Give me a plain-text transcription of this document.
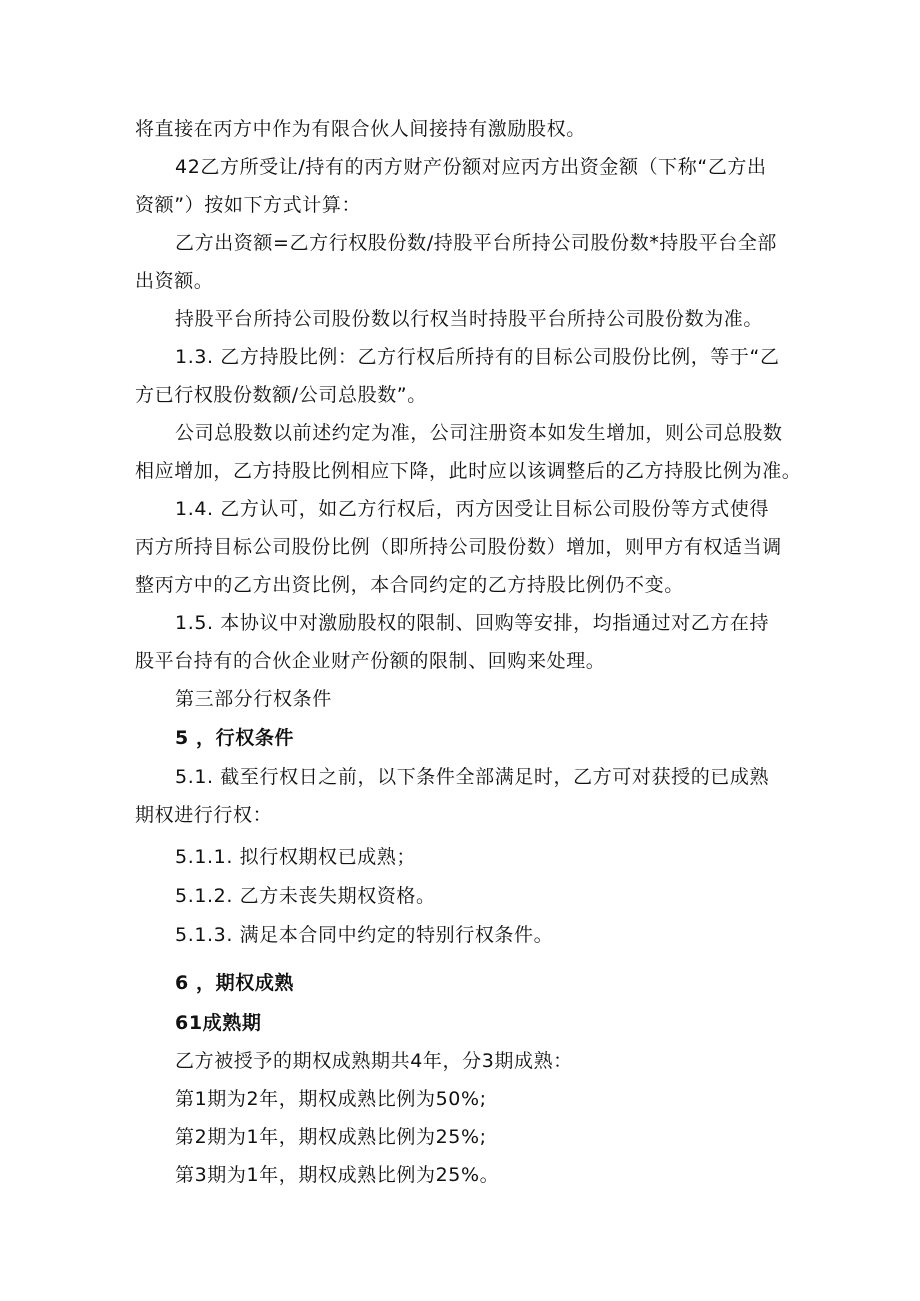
将直接在丙方中作为有限合伙人间接持有激励股权。
42乙方所受让/持有的丙方财产份额对应丙方出资金额（下称“乙方出
资额”）按如下方式计算：
乙方出资额=乙方行权股份数/持股平台所持公司股份数*持股平台全部
出资额。
持股平台所持公司股份数以行权当时持股平台所持公司股份数为准。
1.3. 乙方持股比例：乙方行权后所持有的目标公司股份比例，等于“乙
方已行权股份数额/公司总股数”。
公司总股数以前述约定为准，公司注册资本如发生增加，则公司总股数
相应增加，乙方持股比例相应下降，此时应以该调整后的乙方持股比例为准。
1.4. 乙方认可，如乙方行权后，丙方因受让目标公司股份等方式使得
丙方所持目标公司股份比例（即所持公司股份数）增加，则甲方有权适当调
整丙方中的乙方出资比例，本合同约定的乙方持股比例仍不变。
1.5. 本协议中对激励股权的限制、回购等安排，均指通过对乙方在持
股平台持有的合伙企业财产份额的限制、回购来处理。
第三部分行权条件
5 ，行权条件
5.1. 截至行权日之前，以下条件全部满足时，乙方可对获授的已成熟
期权进行行权：
5.1.1. 拟行权期权已成熟；
5.1.2. 乙方未丧失期权资格。
5.1.3. 满足本合同中约定的特别行权条件。
6 ，期权成熟
61成熟期
乙方被授予的期权成熟期共4年，分3期成熟：
第1期为2年，期权成熟比例为50%;
第2期为1年，期权成熟比例为25%;
第3期为1年，期权成熟比例为25%。
